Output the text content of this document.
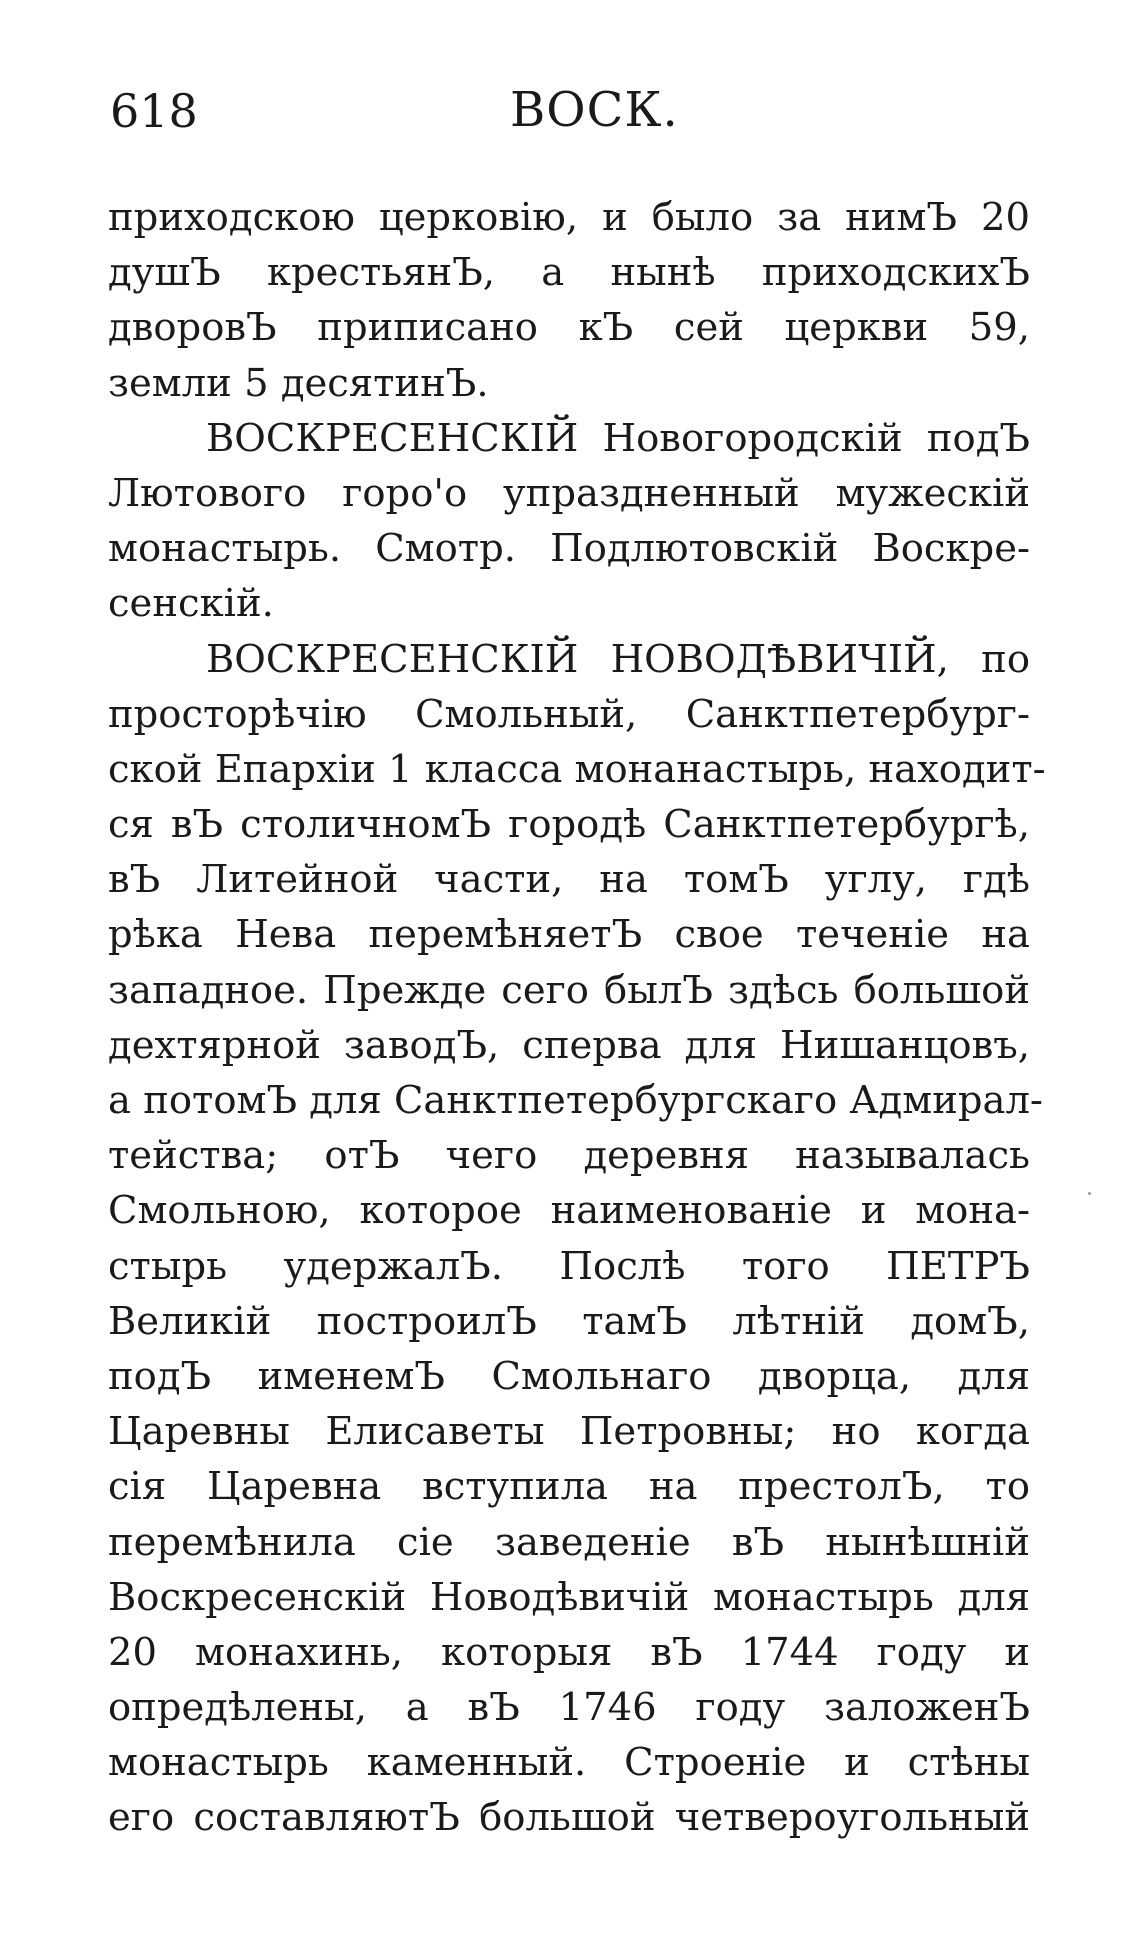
618	ВОСК.
приходскою церковію, и было за нимЪ 20
душЪ крестьянЪ, а нынѣ приходскихЪ
дворовЪ приписано кЪ сей церкви 59,
земли 5 десятинЪ.
ВОСКРЕСЕНСКІЙ Новогородскій подЪ
Лютового горо'о упраздненный мужескій
монастырь. Смотр. Подлютовскій Воскре-
сенскій.
ВОСКРЕСЕНСКІЙ НОВОДѢВИЧІЙ, по
просторѣчію Смольный, Санктпетербург-
ской Епархіи 1 класса монанастырь, находит-
ся вЪ столичномЪ городѣ Санктпетербургѣ,
вЪ Литейной части, на томЪ углу, гдѣ
рѣка Нева перемѣняетЪ свое теченіе на
западное. Прежде сего былЪ здѣсь большой
дехтярной заводЪ, сперва для Нишанцовъ,
а потомЪ для Санктпетербургскаго Адмирал-
тейства; отЪ чего деревня называлась
Смольною, которое наименованіе и мона-
стырь удержалЪ. Послѣ того ПЕТРЪ
Великій построилЪ тамЪ лѣтній домЪ,
подЪ именемЪ Смольнаго дворца, для
Царевны Елисаветы Петровны; но когда
сія Царевна вступила на престолЪ, то
перемѣнила сіе заведеніе вЪ нынѣшній
Воскресенскій Новодѣвичій монастырь для
20 монахинь, которыя вЪ 1744 году и
опредѣлены, а вЪ 1746 году заложенЪ
монастырь каменный. Строеніе и стѣны
его составляютЪ большой четвероугольный
